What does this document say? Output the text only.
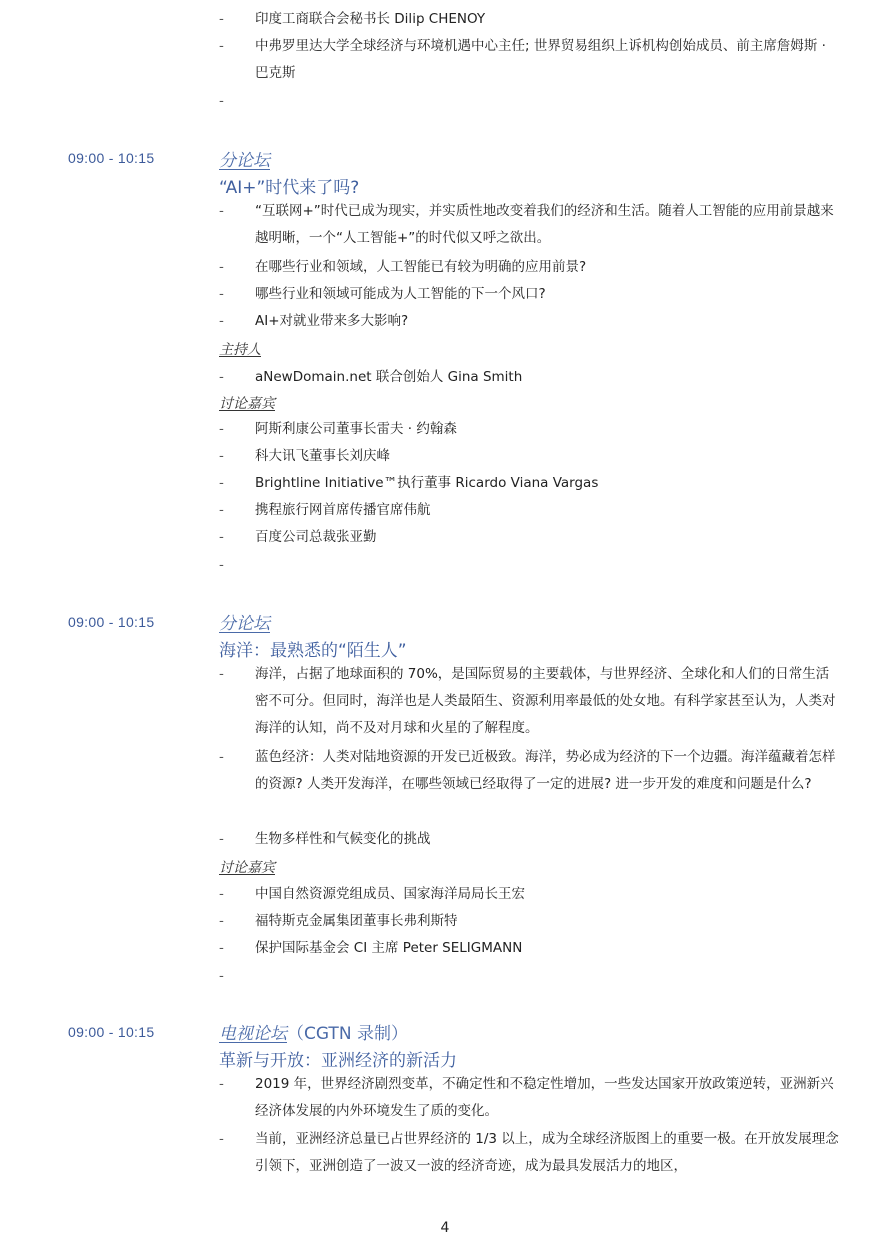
-	印度工商联合会秘书长 Dilip CHENOY
-	中弗罗里达大学全球经济与环境机遇中心主任; 世界贸易组织上诉机构创始成员、前主席詹姆斯 · 巴克斯
-
09:00 - 10:15	分论坛
“AI+”时代来了吗?
-	“互联网+”时代已成为现实，并实质性地改变着我们的经济和生活。随着人工智能的应用前景越来越明晰，一个“人工智能+”的时代似又呼之欲出。
-	在哪些行业和领域，人工智能已有较为明确的应用前景?
-	哪些行业和领域可能成为人工智能的下一个风口?
-	AI+对就业带来多大影响?
主持人
-	aNewDomain.net 联合创始人 Gina Smith
讨论嘉宾
-	阿斯利康公司董事长雷夫 · 约翰森
-	科大讯飞董事长刘庆峰
-	Brightline Initiative™执行董事 Ricardo Viana Vargas
-	携程旅行网首席传播官席伟航
-	百度公司总裁张亚勤
-
09:00 - 10:15	分论坛
海洋：最熟悉的“陌生人”
-	海洋，占据了地球面积的 70%，是国际贸易的主要载体，与世界经济、全球化和人们的日常生活密不可分。但同时，海洋也是人类最陌生、资源利用率最低的处女地。有科学家甚至认为，人类对海洋的认知，尚不及对月球和火星的了解程度。
-	蓝色经济：人类对陆地资源的开发已近极致。海洋，势必成为经济的下一个边疆。海洋蕴藏着怎样的资源? 人类开发海洋，在哪些领域已经取得了一定的进展? 进一步开发的难度和问题是什么?
-	生物多样性和气候变化的挑战
讨论嘉宾
-	中国自然资源党组成员、国家海洋局局长王宏
-	福特斯克金属集团董事长弗利斯特
-	保护国际基金会 CI 主席 Peter SELIGMANN
-
09:00 - 10:15	电视论坛（CGTN 录制）
革新与开放：亚洲经济的新活力
-	2019 年，世界经济剧烈变革，不确定性和不稳定性增加，一些发达国家开放政策逆转，亚洲新兴经济体发展的内外环境发生了质的变化。
-	当前，亚洲经济总量已占世界经济的 1/3 以上，成为全球经济版图上的重要一极。在开放发展理念引领下，亚洲创造了一波又一波的经济奇迹，成为最具发展活力的地区，
4
